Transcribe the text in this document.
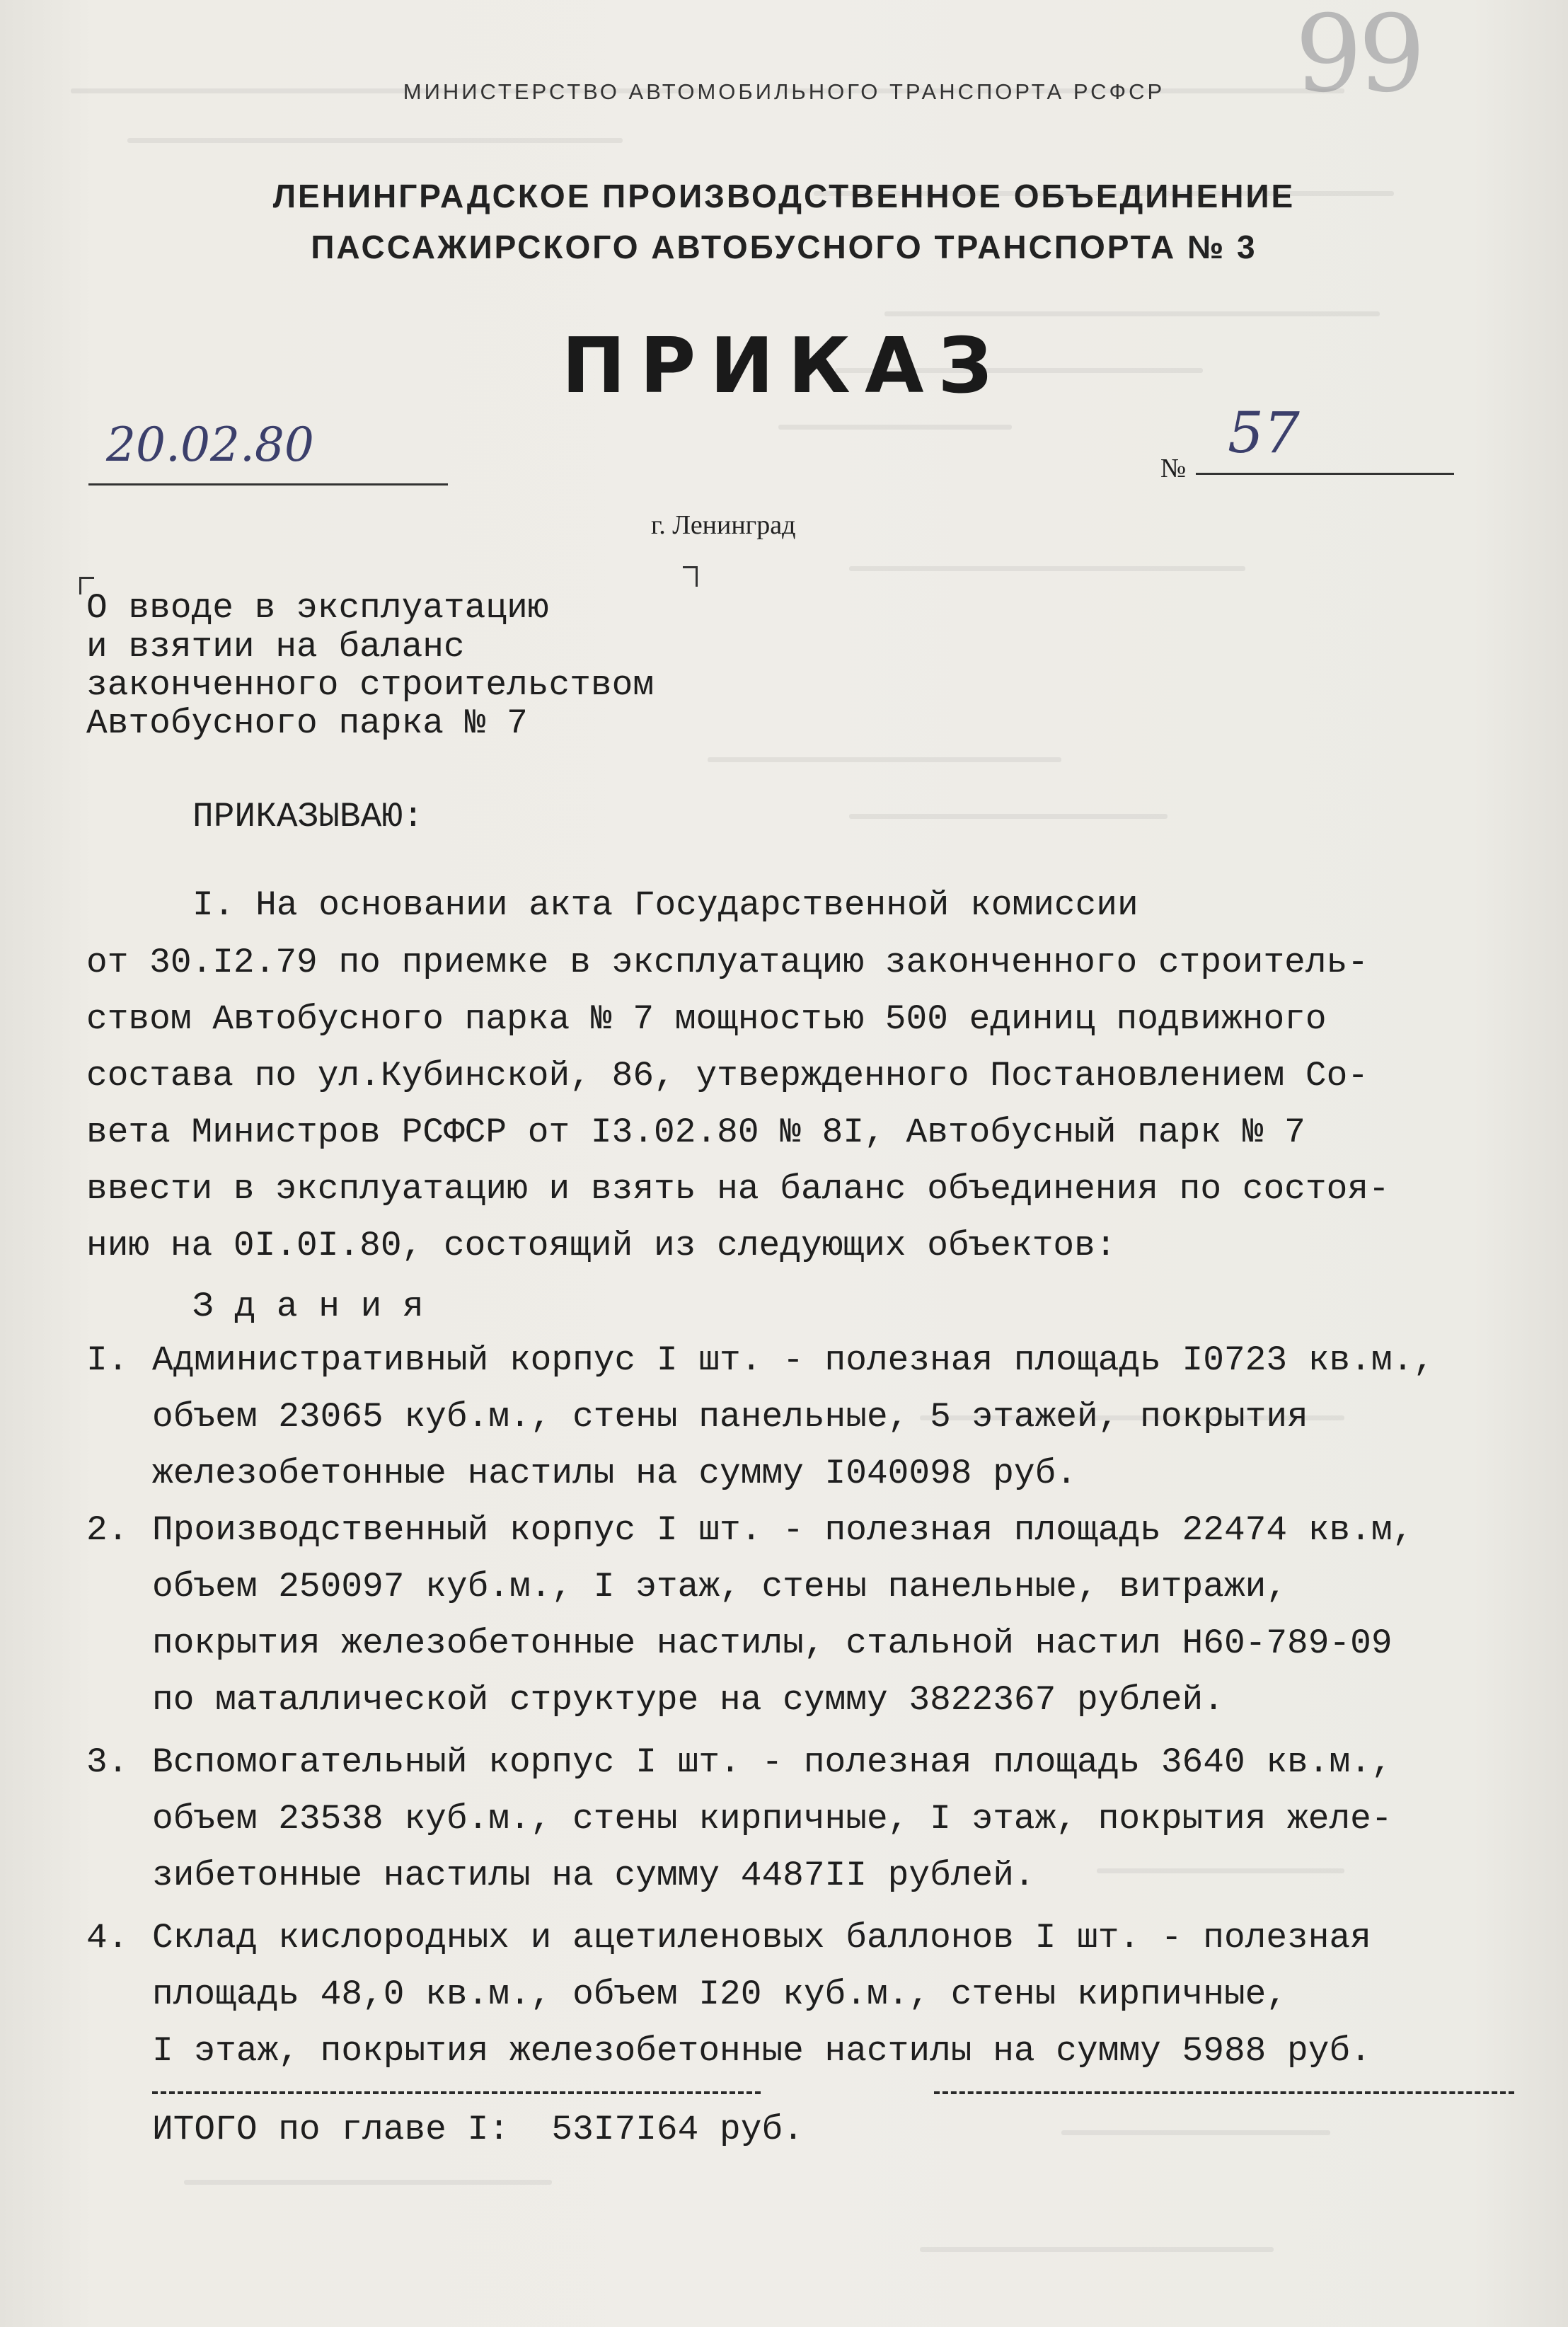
99
МИНИСТЕРСТВО АВТОМОБИЛЬНОГО ТРАНСПОРТА РСФСР
ЛЕНИНГРАДСКОЕ ПРОИЗВОДСТВЕННОЕ ОБЪЕДИНЕНИЕ
ПАССАЖИРСКОГО АВТОБУСНОГО ТРАНСПОРТА № 3
ПРИКАЗ
20.02.80	№
57
г. Ленинград
О вводе в эксплуатацию
и взятии на баланс
законченного строительством
Автобусного парка № 7
ПРИКАЗЫВАЮ:
I. На основании акта Государственной комиссии
от 30.I2.79 по приемке в эксплуатацию законченного строитель-
ством Автобусного парка № 7 мощностью 500 единиц подвижного
состава по ул.Кубинской, 86, утвержденного Постановлением Со-
вета Министров РСФСР от I3.02.80 № 8I, Автобусный парк № 7
ввести в эксплуатацию и взять на баланс объединения по состоя-
нию на 0I.0I.80, состоящий из следующих объектов:
З д а н и я
I. Административный корпус I шт. - полезная площадь I0723 кв.м.,
объем 23065 куб.м., стены панельные, 5 этажей, покрытия
железобетонные настилы на сумму I040098 руб.
2. Производственный корпус I шт. - полезная площадь 22474 кв.м,
объем 250097 куб.м., I этаж, стены панельные, витражи,
покрытия железобетонные настилы, стальной настил Н60-789-09
по маталлической структуре на сумму 3822367 рублей.
3. Вспомогательный корпус I шт. - полезная площадь 3640 кв.м.,
объем 23538 куб.м., стены кирпичные, I этаж, покрытия желе-
зибетонные настилы на сумму 4487II рублей.
4. Склад кислородных и ацетиленовых баллонов I шт. - полезная
площадь 48,0 кв.м., объем I20 куб.м., стены кирпичные,
I этаж, покрытия железобетонные настилы на сумму 5988 руб.
ИТОГО по главе I:  53I7I64 руб.
